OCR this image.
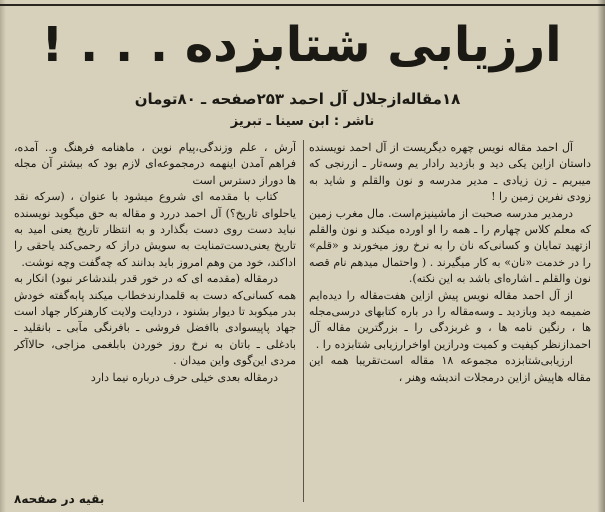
ارزیابی شتابزده . . . !
۱۸مقاله‌ازجلال آل احمد ۲۵۳صفحه ـ ۸۰تومان
ناشر : ابن سینا ـ تبریز

آل احمد مقاله نویس چهره دیگریست از آل احمد نویسنده داستان ازاین یکی دید و بازدید رادار یم وسه‌تار ـ ازرنجی که میبریم ـ زن زیادی ـ مدیر مدرسه و نون والقلم و شاید به زودی نفرین زمین را !

درمدیر مدرسه صحبت از ماشینیزم‌است. مال مغرب زمین که معلم کلاس چهارم را ـ همه را او اورده میکند و نون والقلم ازتهید تمایان و کسانی‌که نان را به نرخ روز میخورند و «قلم» را در خدمت «نان» به کار میگیرند . ( واحتمال میدهم نام قصه نون والقلم ـ اشاره‌ای باشد به این نکته).

از آل احمد مقاله نویس پیش ازاین هفت‌مقاله را دیده‌ایم ضمیمه دید وبازدید ـ وسه‌مقاله را در باره کتابهای درسی‌مجله ها ، رنگین نامه ها ، و غربزدگی را ـ بزرگترین مقاله آل احمدازنظر کیفیت و کمیت ودرازین اواخرارزیابی شتابزده را .

ارزیابی‌شتابزده مجموعه ۱۸ مقاله است‌تقریبا همه این مقاله هاپیش ازاین درمجلات اندیشه وهنر ،

آرش ، علم وزندگی،پیام نوین ، ماهنامه فرهنگ و.. آمده، فراهم آمدن اینهمه درمجموعه‌ای لازم بود که بیشتر آن مجله ها دوراز دسترس است

کتاب با مقدمه ای شروع میشود با عنوان ، (سرکه نقد یاحلوای تاریخ؟) آل احمد دررد و مقاله به حق میگوید نویسنده نباید دست روی دست بگذارد و به انتظار تاریخ یعنی امید به تاریخ یعنی‌دست‌تمنایت به سویش دراز که رحمی‌کند یاحقی را اداکند، خود من وهم امروز باید بدانند که چه‌گفت وچه نوشت.

درمقاله (مقدمه ای که در خور قدر بلندشاعر نبود) انکار به همه کسانی‌که دست به قلمدارندخطاب میکند پابه‌گفته خودش بدر میکوبد تا دیوار بشنود ، دردایت ولایت کارهنرکار جهاد است جهاد پاپیسوادی باافضل فروشی ـ بافرنگی مآبی ـ بانقلید ـ بادغلی ـ باتان به نرخ روز خوردن بابلغمی مزاجی، حالاآکر مردی این‌گوی واین میدان .

درمقاله بعدی خیلی حرف درباره نیما دارد

بقیه در صفحه۸
